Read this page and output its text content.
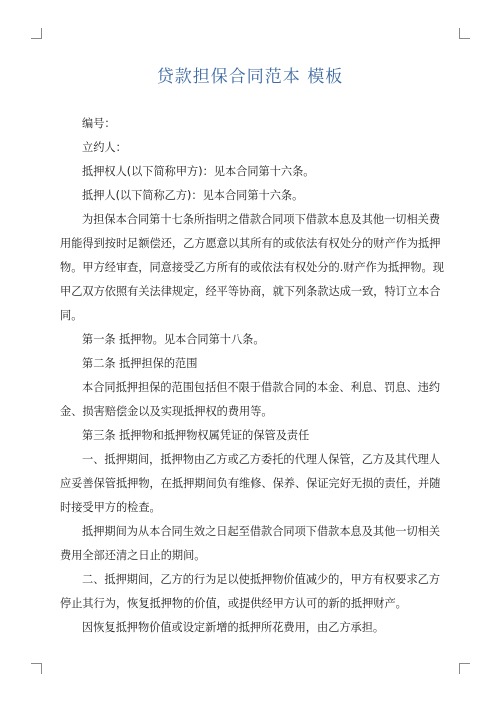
贷款担保合同范本 模板

编号：

立约人：

抵押权人(以下简称甲方)：见本合同第十六条。

抵押人(以下简称乙方)：见本合同第十六条。

为担保本合同第十七条所指明之借款合同项下借款本息及其他一切相关费用能得到按时足额偿还，乙方愿意以其所有的或依法有权处分的财产作为抵押物。甲方经审查，同意接受乙方所有的或依法有权处分的.财产作为抵押物。现甲乙双方依照有关法律规定，经平等协商，就下列条款达成一致，特订立本合同。

第一条 抵押物。见本合同第十八条。

第二条 抵押担保的范围

本合同抵押担保的范围包括但不限于借款合同的本金、利息、罚息、违约金、损害赔偿金以及实现抵押权的费用等。

第三条 抵押物和抵押物权属凭证的保管及责任

一、抵押期间，抵押物由乙方或乙方委托的代理人保管，乙方及其代理人应妥善保管抵押物，在抵押期间负有维修、保养、保证完好无损的责任，并随时接受甲方的检查。

抵押期间为从本合同生效之日起至借款合同项下借款本息及其他一切相关费用全部还清之日止的期间。

二、抵押期间，乙方的行为足以使抵押物价值减少的，甲方有权要求乙方停止其行为，恢复抵押物的价值，或提供经甲方认可的新的抵押财产。

因恢复抵押物价值或设定新增的抵押所花费用，由乙方承担。
